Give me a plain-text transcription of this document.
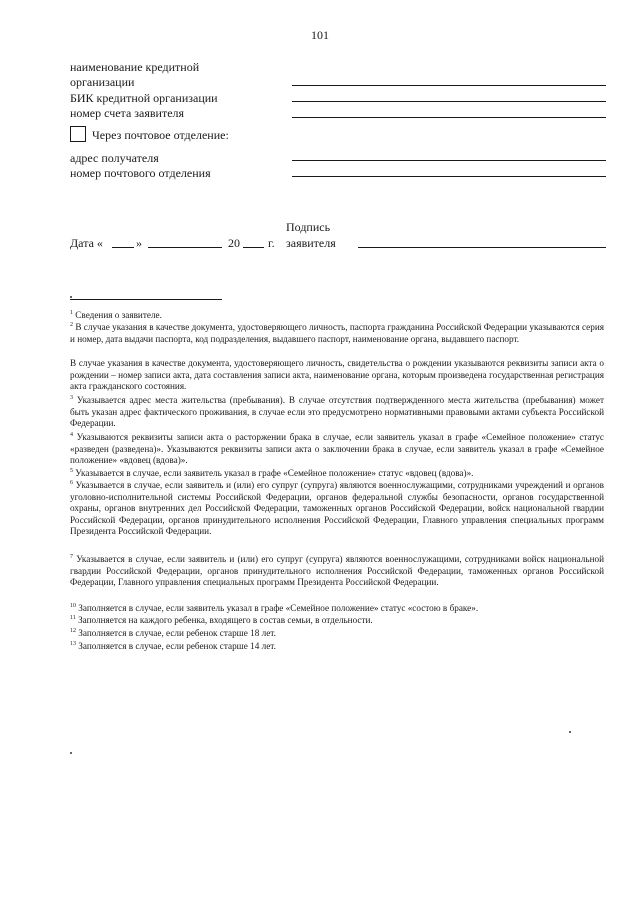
101
наименование кредитной
организации
БИК кредитной организации
номер счета заявителя
Через почтовое отделение:
адрес получателя
номер почтового отделения
Подпись
заявителя
Дата «	»	20 г.
$^1$ Сведения о заявителе.
$^2$ В случае указания в качестве документа, удостоверяющего личность, паспорта гражданина Российской Федерации указываются серия и номер, дата выдачи паспорта, код подразделения, выдавшего паспорт, наименование органа, выдавшего паспорт.
В случае указания в качестве документа, удостоверяющего личность, свидетельства о рождении указываются реквизиты записи акта о рождении – номер записи акта, дата составления записи акта, наименование органа, которым произведена государственная регистрация акта гражданского состояния.
$^3$ Указывается адрес места жительства (пребывания). В случае отсутствия подтвержденного места жительства (пребывания) может быть указан адрес фактического проживания, в случае если это предусмотрено нормативными правовыми актами субъекта Российской Федерации.
$^4$ Указываются реквизиты записи акта о расторжении брака в случае, если заявитель указал в графе «Семейное положение» статус «разведен (разведена)». Указываются реквизиты записи акта о заключении брака в случае, если заявитель указал в графе «Семейное положение» «вдовец (вдова)».
$^5$ Указывается в случае, если заявитель указал в графе «Семейное положение» статус «вдовец (вдова)».
$^6$ Указывается в случае, если заявитель и (или) его супруг (супруга) являются военнослужащими, сотрудниками учреждений и органов уголовно-исполнительной системы Российской Федерации, органов федеральной службы безопасности, органов государственной охраны, органов внутренних дел Российской Федерации, таможенных органов Российской Федерации, войск национальной гвардии Российской Федерации, органов принудительного исполнения Российской Федерации, Главного управления специальных программ Президента Российской Федерации.
$^7$ Указывается в случае, если заявитель и (или) его супруг (супруга) являются военнослужащими, сотрудниками войск национальной гвардии Российской Федерации, органов принудительного исполнения Российской Федерации, таможенных органов Российской Федерации, Главного управления специальных программ Президента Российской Федерации.
$^{10}$ Заполняется в случае, если заявитель указал в графе «Семейное положение» статус «состою в браке».
$^{11}$ Заполняется на каждого ребенка, входящего в состав семьи, в отдельности.
$^{12}$ Заполняется в случае, если ребенок старше 18 лет.
$^{13}$ Заполняется в случае, если ребенок старше 14 лет.
